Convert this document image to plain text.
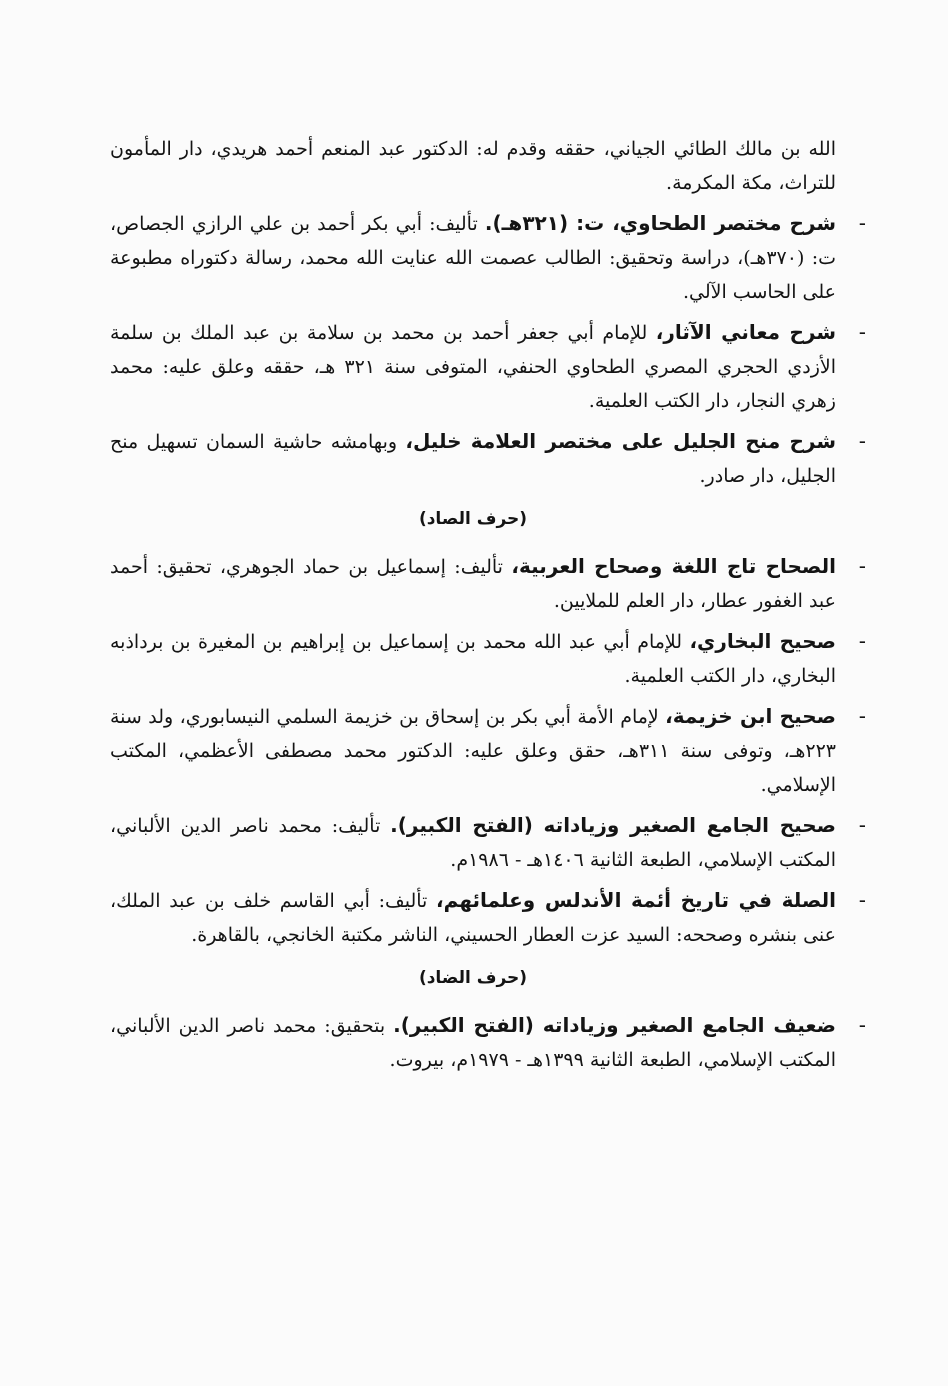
الله بن مالك الطائي الجياني، حققه وقدم له: الدكتور عبد المنعم أحمد هريدي، دار المأمون للتراث، مكة المكرمة.

-
شرح مختصر الطحاوي، ت: (٣٢١هـ). تأليف: أبي بكر أحمد بن علي الرازي الجصاص، ت: (٣٧٠هـ)، دراسة وتحقيق: الطالب عصمت الله عنايت الله محمد، رسالة دكتوراه مطبوعة على الحاسب الآلي.
-
شرح معاني الآثار، للإمام أبي جعفر أحمد بن محمد بن سلامة بن عبد الملك بن سلمة الأزدي الحجري المصري الطحاوي الحنفي، المتوفى سنة ٣٢١ هـ، حققه وعلق عليه: محمد زهري النجار، دار الكتب العلمية.
-
شرح منح الجليل على مختصر العلامة خليل، وبهامشه حاشية السمان تسهيل منح الجليل، دار صادر.
(حرف الصاد)
-
الصحاح تاج اللغة وصحاح العربية، تأليف: إسماعيل بن حماد الجوهري، تحقيق: أحمد عبد الغفور عطار، دار العلم للملايين.
-
صحيح البخاري، للإمام أبي عبد الله محمد بن إسماعيل بن إبراهيم بن المغيرة بن برداذبه البخاري، دار الكتب العلمية.
-
صحيح ابن خزيمة، لإمام الأمة أبي بكر بن إسحاق بن خزيمة السلمي النيسابوري، ولد سنة ٢٢٣هـ، وتوفى سنة ٣١١هـ، حقق وعلق عليه: الدكتور محمد مصطفى الأعظمي، المكتب الإسلامي.
-
صحيح الجامع الصغير وزياداته (الفتح الكبير). تأليف: محمد ناصر الدين الألباني، المكتب الإسلامي، الطبعة الثانية ١٤٠٦هـ - ١٩٨٦م.
-
الصلة في تاريخ أئمة الأندلس وعلمائهم، تأليف: أبي القاسم خلف بن عبد الملك، عنى بنشره وصححه: السيد عزت العطار الحسيني، الناشر مكتبة الخانجي، بالقاهرة.
(حرف الضاد)
-
ضعيف الجامع الصغير وزياداته (الفتح الكبير). بتحقيق: محمد ناصر الدين الألباني، المكتب الإسلامي، الطبعة الثانية ١٣٩٩هـ - ١٩٧٩م، بيروت.
